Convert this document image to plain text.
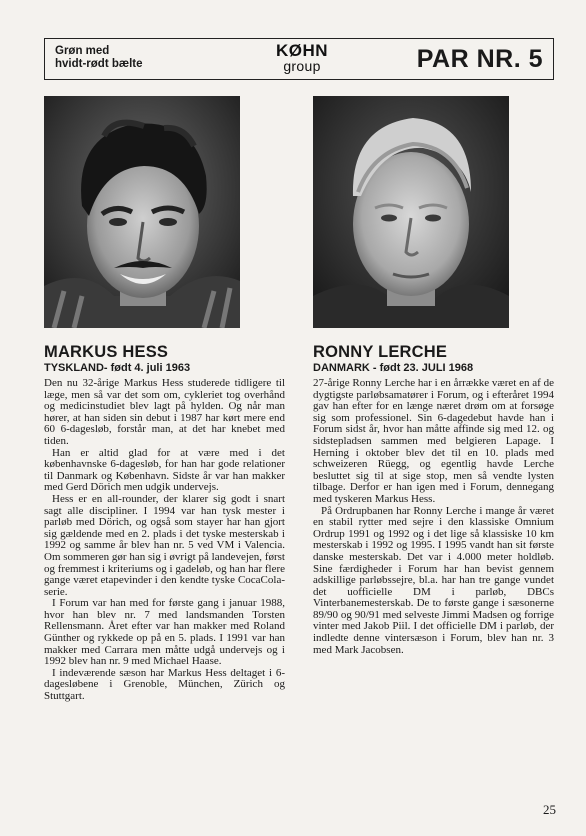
Grøn med
hvidt-rødt bælte
KØHN
group	PAR NR. 5
MARKUS HESS
TYSKLAND- født 4. juli 1963

Den nu 32-årige Markus Hess studerede tidligere til læge, men så var det som om, cykleriet tog overhånd og medicinstudiet blev lagt på hylden. Og når man hører, at han siden sin debut i 1987 har kørt mere end 60 6-dagesløb, forstår man, at det har knebet med tiden.

Han er altid glad for at være med i det københavnske 6-dagesløb, for han har gode relationer til Danmark og København. Sidste år var han makker med Gerd Dörich men udgik undervejs.

Hess er en all-rounder, der klarer sig godt i snart sagt alle discipliner. I 1994 var han tysk mester i parløb med Dörich, og også som stayer har han gjort sig gældende med en 2. plads i det tyske mesterskab i 1992 og samme år blev han nr. 5 ved VM i Valencia. Om sommeren gør han sig i øvrigt på landevejen, først og fremmest i kriteriums og i gadeløb, og han har flere gange været etapevinder i den kendte tyske CocaCola-serie.

I Forum var han med for første gang i januar 1988, hvor han blev nr. 7 med landsmanden Torsten Rellensmann. Året efter var han makker med Roland Günther og rykkede op på en 5. plads. I 1991 var han makker med Carrara men måtte udgå undervejs og i 1992 blev han nr. 9 med Michael Haase.

I indeværende sæson har Markus Hess deltaget i 6-dagesløbene i Grenoble, München, Zürich og Stuttgart.

RONNY LERCHE
DANMARK - født 23. JULI 1968

27-årige Ronny Lerche har i en årrække været en af de dygtigste parløbsamatører i Forum, og i efteråret 1994 gav han efter for en længe næret drøm om at forsøge sig som professionel. Sin 6-dagedebut havde han i Forum sidst år, hvor han måtte affinde sig med 12. og sidstepladsen sammen med belgieren Lapage. I Herning i oktober blev det til en 10. plads med schweizeren Rüegg, og egentlig havde Lerche besluttet sig til at sige stop, men så vendte lysten tilbage. Derfor er han igen med i Forum, dennegang med tyskeren Markus Hess.

På Ordrupbanen har Ronny Lerche i mange år været en stabil rytter med sejre i den klassiske Omnium Ordrup 1991 og 1992 og i det lige så klassiske 10 km mesterskab i 1992 og 1995. I 1995 vandt han sit første danske mesterskab. Det var i 4.000 meter holdløb. Sine færdigheder i Forum har han bevist gennem adskillige parløbssejre, bl.a. har han tre gange vundet det uofficielle DM i parløb, DBCs Vinterbanemesterskab. De to første gange i sæsonerne 89/90 og 90/91 med selveste Jimmi Madsen og forrige vinter med Jakob Piil. I det officielle DM i parløb, der indledte denne vintersæson i Forum, blev han nr. 3 med Mark Jacobsen.

25
